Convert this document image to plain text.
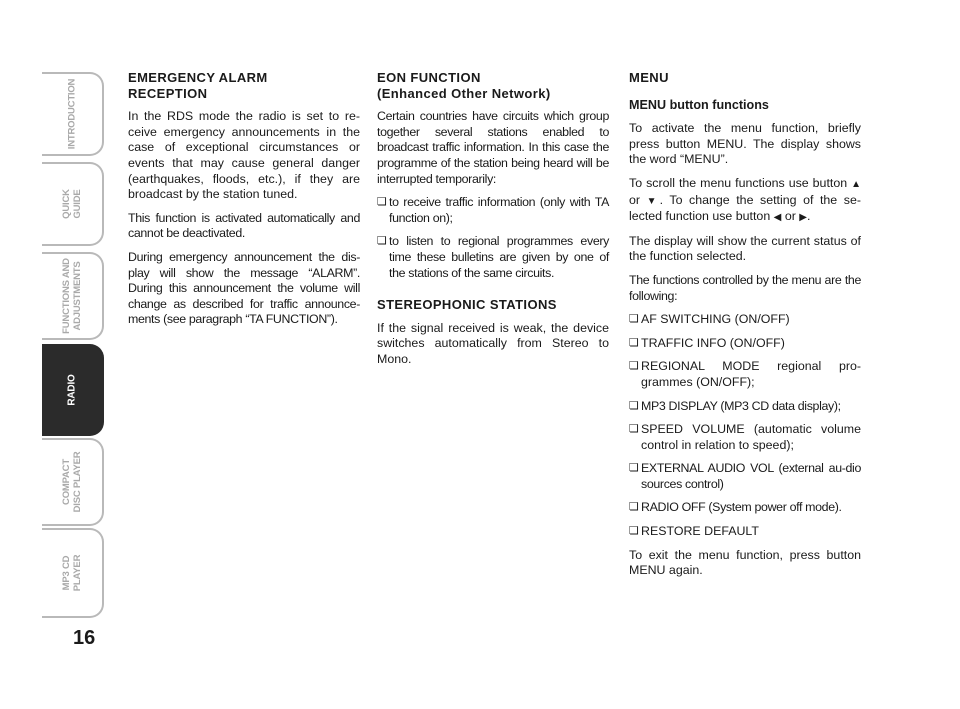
INTRODUCTION
QUICK
GUIDE
FUNCTIONS AND
ADJUSTMENTS
RADIO
COMPACT
DISC PLAYER
MP3 CD
PLAYER
16
EMERGENCY ALARM
RECEPTION

In the RDS mode the radio is set to re-ceive emergency announcements in the case of exceptional circumstances or events that may cause general danger (earthquakes, floods, etc.), if they are broadcast by the station tuned.

This function is activated automatically and cannot be deactivated.

During emergency announcement the dis-play will show the message “ALARM”. During this announcement the volume will change as described for traffic announce-ments (see paragraph “TA FUNCTION”).

EON FUNCTION
(Enhanced Other Network)

Certain countries have circuits which group together several stations enabled to broadcast traffic information. In this case the programme of the station being heard will be interrupted temporarily:

❏ to receive traffic information (only with TA function on);
❏ to listen to regional programmes every time these bulletins are given by one of the stations of the same circuits.
STEREOPHONIC STATIONS

If the signal received is weak, the device switches automatically from Stereo to Mono.

MENU
MENU button functions

To activate the menu function, briefly press button MENU. The display shows the word “MENU”.

To scroll the menu functions use button ▲ or ▼. To change the setting of the se-lected function use button ◀ or ▶.

The display will show the current status of the function selected.

The functions controlled by the menu are the following:

❏ AF SWITCHING (ON/OFF)
❏ TRAFFIC INFO (ON/OFF)
❏ REGIONAL MODE regional pro-grammes (ON/OFF);
❏ MP3 DISPLAY (MP3 CD data display);
❏ SPEED VOLUME (automatic volume control in relation to speed);
❏ EXTERNAL AUDIO VOL (external au-dio sources control)
❏ RADIO OFF (System power off mode).
❏ RESTORE DEFAULT

To exit the menu function, press button MENU again.
